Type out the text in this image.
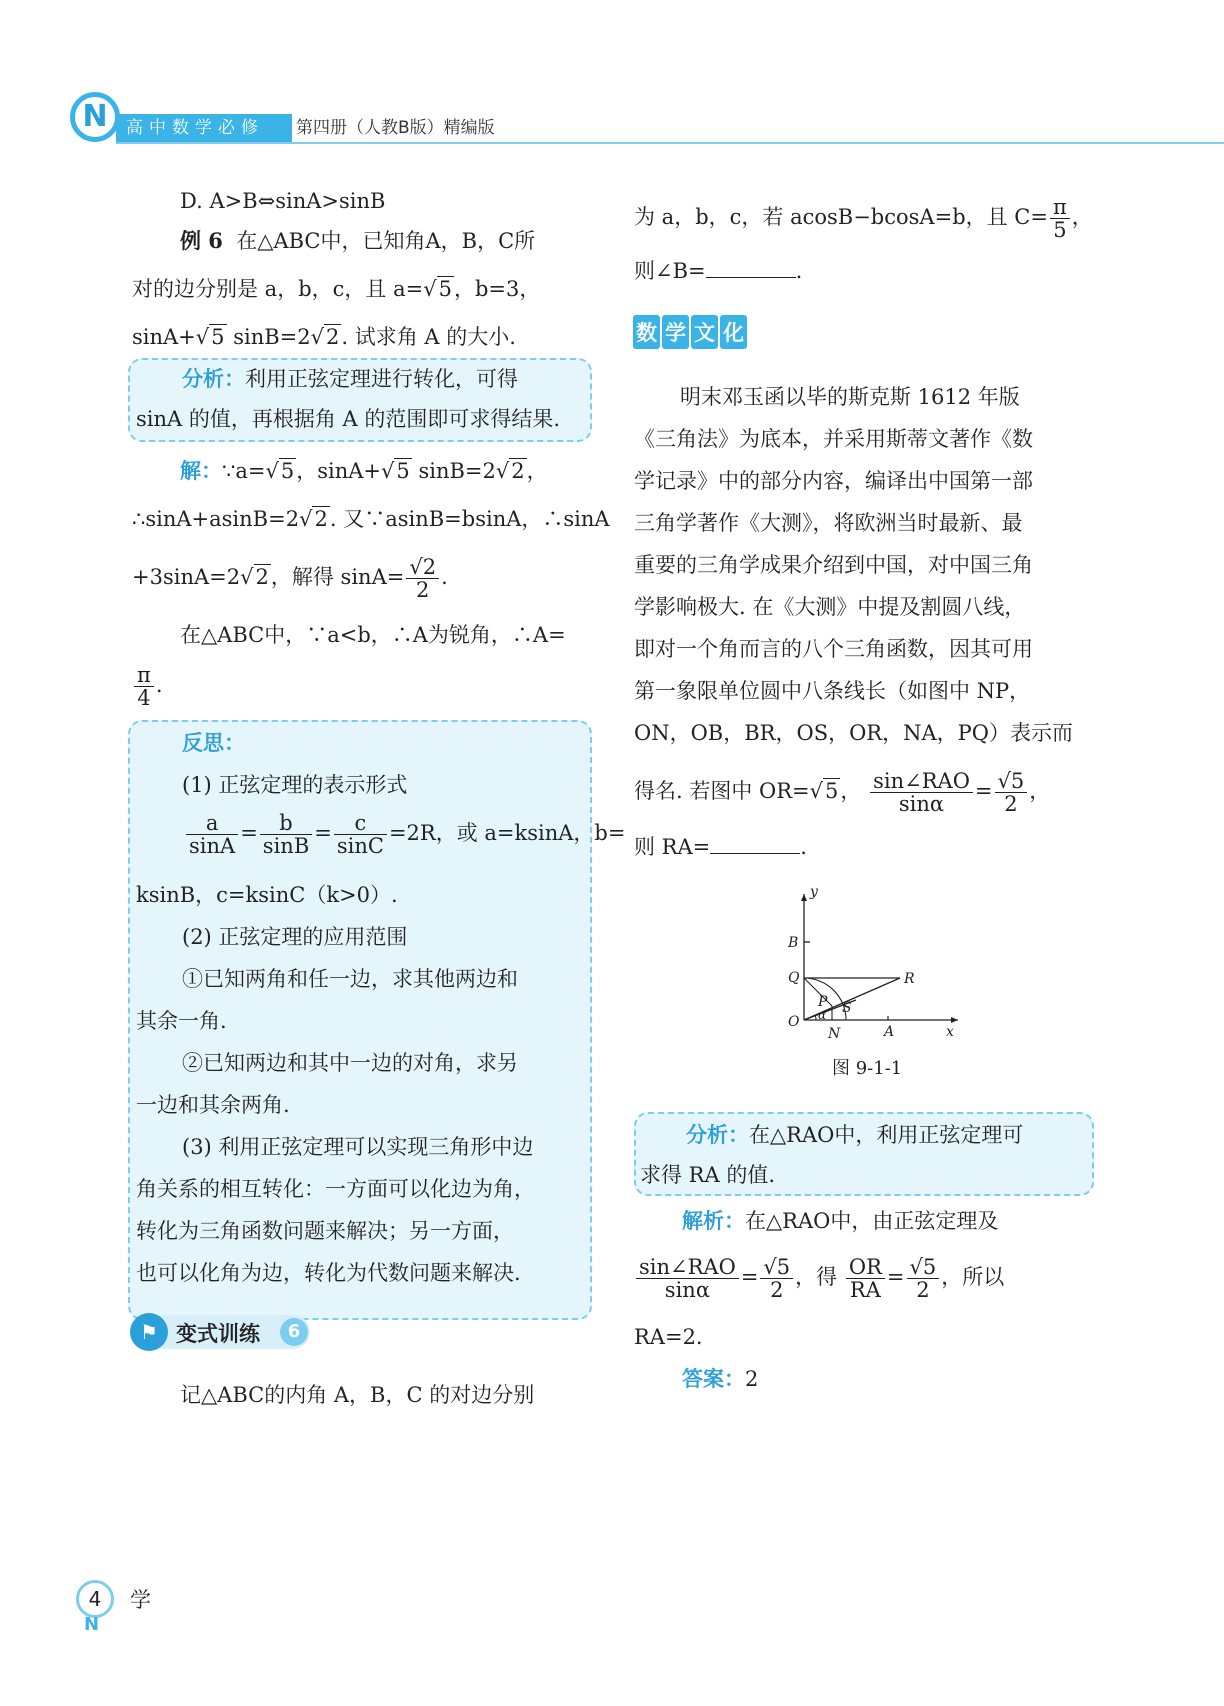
高中数学必修	第四册（人教B版）精编版
N
D. A>B⇔sinA>sinB
例 6 在△ABC中，已知角A，B，C所
对的边分别是 a，b，c，且 a=√5，b=3，
sinA+√5 sinB=2√2. 试求角 A 的大小.
分析：利用正弦定理进行转化，可得
sinA 的值，再根据角 A 的范围即可求得结果.
解：∵a=√5，sinA+√5 sinB=2√2，
∴sinA+asinB=2√2. 又∵asinB=bsinA，∴sinA
+3sinA=2√2，解得 $\sin A= \frac{√2}{2}$ .
在△ABC中，∵a<b，∴A为锐角，∴A=
$\frac{\pi}{4}$ .
反思：
(1) 正弦定理的表示形式
$\frac{a}{\sin A} = \frac{b}{\sin B} = \frac{c}{\sin C} =2R$，或 a=ksinA，b=
ksinB，c=ksinC（k>0）.
(2) 正弦定理的应用范围
①已知两角和任一边，求其他两边和
其余一角.
②已知两边和其中一边的对角，求另
一边和其余两角.
(3) 利用正弦定理可以实现三角形中边
角关系的相互转化：一方面可以化边为角，
转化为三角函数问题来解决；另一方面，
也可以化角为边，转化为代数问题来解决.
⚑ 变式训练	6
记△ABC的内角 A，B，C 的对边分别
为 a，b，c，若 acosB−bcosA=b，且 $C= \frac{\pi}{5}$ ，
则∠B=	.
数 学 文 化
明末邓玉函以毕的斯克斯 1612 年版
《三角法》为底本，并采用斯蒂文著作《数
学记录》中的部分内容，编译出中国第一部
三角学著作《大测》，将欧洲当时最新、最
重要的三角学成果介绍到中国，对中国三角
学影响极大. 在《大测》中提及割圆八线，
即对一个角而言的八个三角函数，因其可用
第一象限单位圆中八条线长（如图中 NP，
ON，OB，BR，OS，OR，NA，PQ）表示而
得名. 若图中 OR=√5， $\frac{\text{sin∠RAO}}{\sin\alpha} = \frac{√5}{2}$ ，
则 RA=	.
y
B
Q	R
P S
α
O
N	A	x
图 9-1-1
分析：在△RAO中，利用正弦定理可
求得 RA 的值.
解析：在△RAO中，由正弦定理及
$\frac{\text{sin∠RAO}}{\sin\alpha} = \frac{√5}{2}$ ，得 $\frac{OR}{RA} = \frac{√5}{2}$ ，所以
RA=2.
答案：2
4
N
学
